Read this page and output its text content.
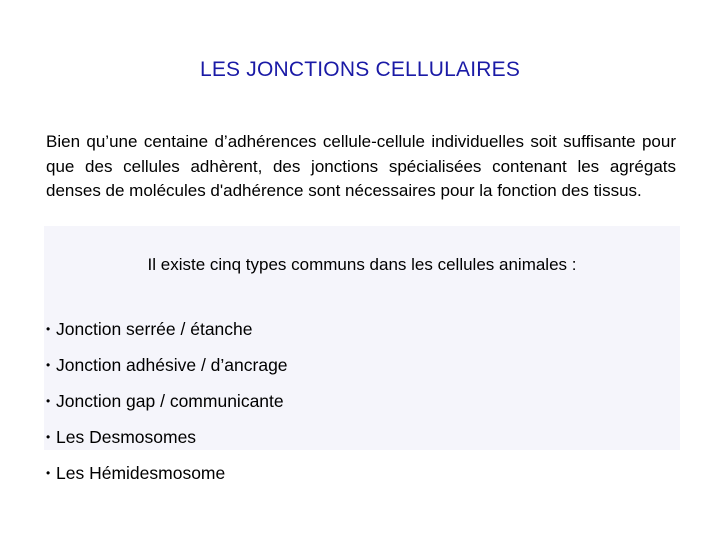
LES JONCTIONS CELLULAIRES
Bien qu’une centaine d’adhérences cellule-cellule individuelles soit suffisante pour que des cellules adhèrent, des jonctions spécialisées contenant les agrégats denses de molécules d'adhérence sont nécessaires pour la fonction des tissus.
Il existe cinq types communs dans les cellules animales :
• Jonction serrée / étanche
• Jonction adhésive / d’ancrage
• Jonction gap / communicante
• Les Desmosomes
• Les Hémidesmosome
